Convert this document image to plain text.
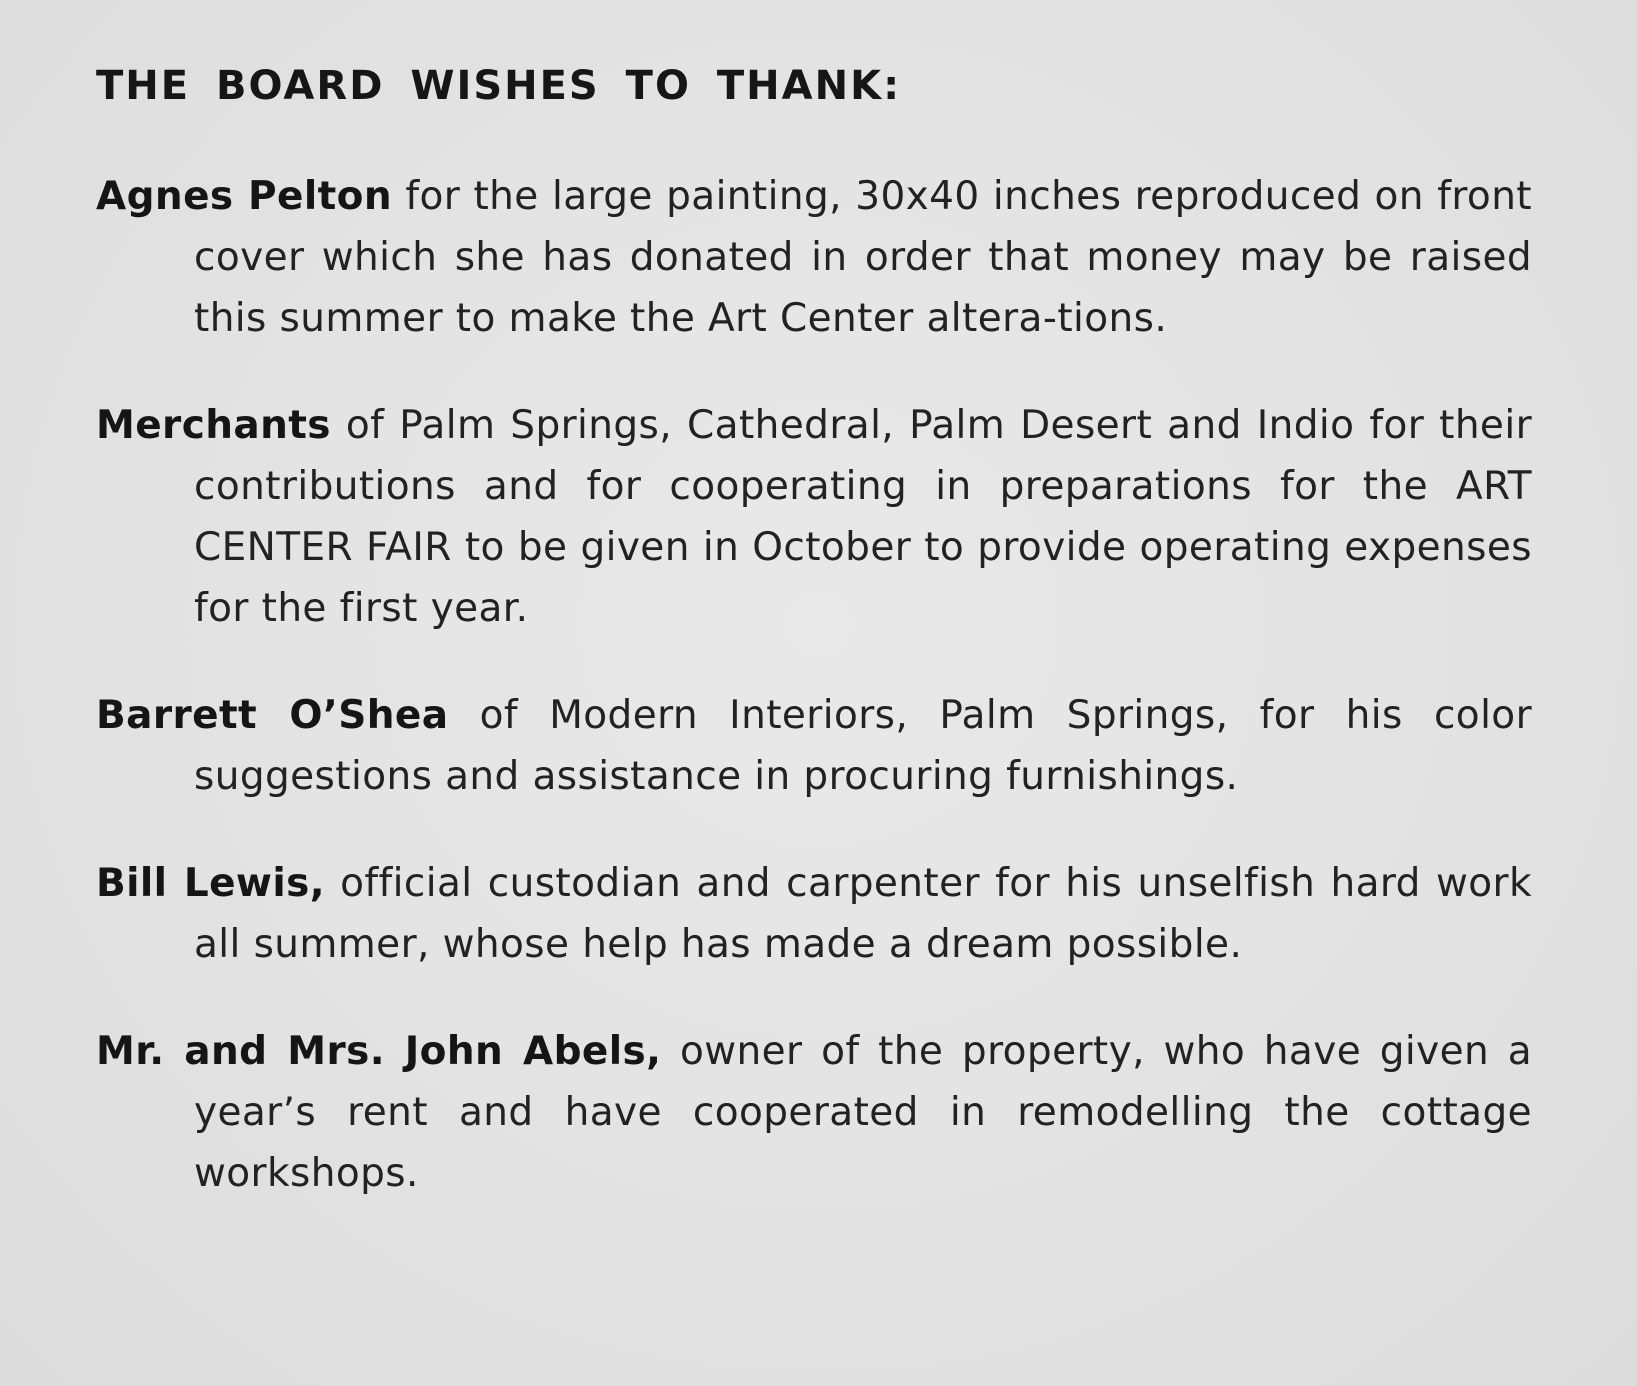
THE BOARD WISHES TO THANK:

Agnes Pelton for the large painting, 30x40 inches reproduced on front cover which she has donated in order that money may be raised this summer to make the Art Center altera-tions.

Merchants of Palm Springs, Cathedral, Palm Desert and Indio for their contributions and for cooperating in preparations for the ART CENTER FAIR to be given in October to provide operating expenses for the first year.

Barrett O’Shea of Modern Interiors, Palm Springs, for his color suggestions and assistance in procuring furnishings.

Bill Lewis, official custodian and carpenter for his unselfish hard work all summer, whose help has made a dream possible.

Mr. and Mrs. John Abels, owner of the property, who have given a year’s rent and have cooperated in remodelling the cottage workshops.
